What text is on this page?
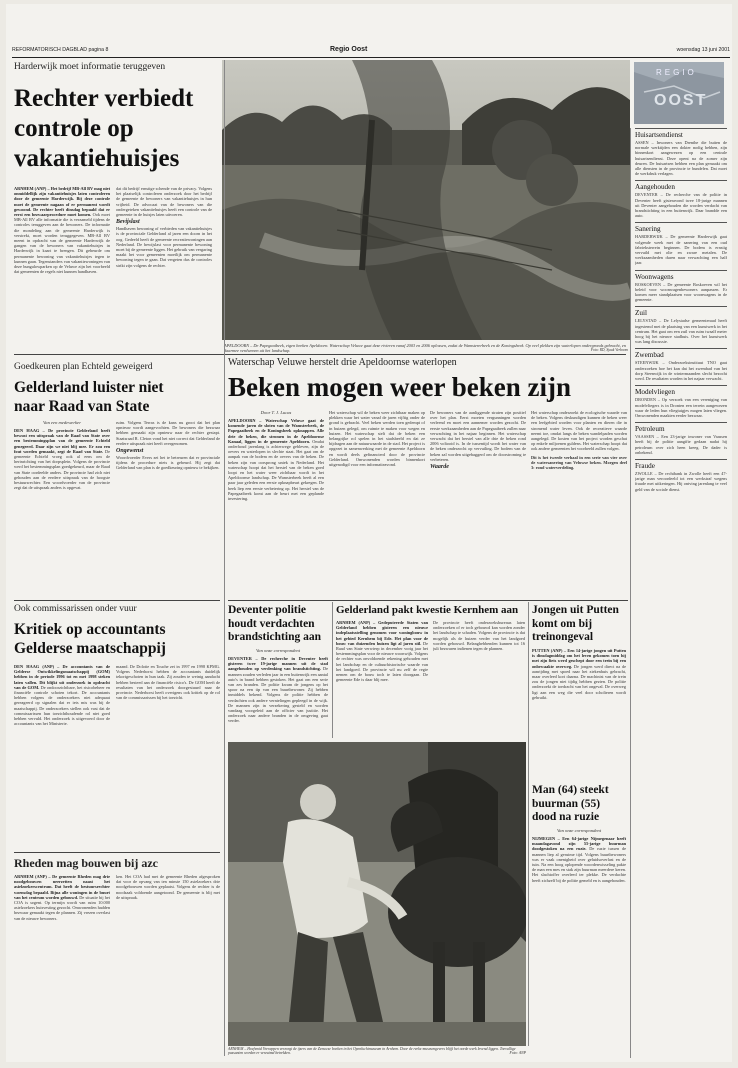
REFORMATORISCH DAGBLAD pagina 8	Regio Oost	woensdag 13 juni 2001
Harderwijk moet informatie teruggeven
Rechter verbiedt
controle op
vakantiehuisjes
ARNHEM (ANP) – Het bedrijf MB-All BV mag niet onmiddellijk zijn vakantiehuisjes laten controleren door de gemeente Harderwijk. Bij deze controle moet de gemeente nagaan of er permanent wordt gewoond. De rechter heeft dinsdag bepaald dat er eerst een bezwaarprocedure moet komen. Ook moet MB-All BV alle informatie die is verzameld tijdens de controles teruggeven aan de bewoners. De informatie die mondeling aan de gemeente Harderwijk is verstrekt, moet worden teruggegeven. MB-All BV meent in opdracht van de gemeente Harderwijk de gangen van de bewoners van vakantiehuisjes in Harderwijk in kaart te brengen. Dit gebeurde om permanente bewoning van vakantiehuisjes tegen te kunnen gaan. Tegenstanders van vakantiewoningen van deze bungalowparken op de Veluwe zijn het voorbeeld dat gemeenten de regels niet kunnen handhaven.
dat dit bedrijf ernstige schende van de privacy. Volgens het plaatselijk controleren onderzoek door het bedrijf de gemeente de bewoners van vakantiehuisjes in hun vrijheid. De advocaat van de bewoners van die ondergeteken vakantiehuisjes heeft een controle van de gemeente in de huisjes laten uitvoeren.
Bevijslast
Handhaven bewoning of verbieden van vakantiehuisjes is de provinciale Gelderland al jaren een doorn in het oog. Gedeeld heeft de gemeente recreatiewoningen aan Nederland. De bewijslast voor permanente bewoning moet bij de gemeente liggen. Het gebruik van vergaring maakt het voor gemeenten moeilijk om permanente bewoning tegen te gaan. Dat vergeten dus de controles strikt zijn volgens de rechter.
APELDOORN – De Papegaaibeek, eigen beeken Apeldoorn. Waterschap Veluwe gaat deze rivieren vanaf 2003 en 2006 oplossen, zodat de Wamstererbeek en de Koningsbeek. Op veel plekken zijn waterlopen ondergronds gebracht, en daarmee verdwenen uit het landschap.	Foto: RD, Sjaak Verboom
REGIO
OOST
Huisartsendienst
ASSEN – Inwoners van Drenthe die buiten de normale werktijden een dokter nodig hebben, zijn binnenkort aangewezen op een centrale huisartsendienst. Deze opent na de zomer zijn deuren. De huisartsen hebben een plan gemaakt om alle diensten in de provincie te bundelen. Dat moet de werkdruk verlagen.
Aangehouden
DEVENTER – De recherche van de politie in Deventer heeft gisteravond twee 18-jarige mannen uit Deventer aangehouden die worden verdacht van brandstichting in een buitenwijk. Daar brandde een auto.
Sanering
HARDERWIJK – De gemeente Harderwijk gaat volgende week met de sanering van een oud fabrieksterrein beginnen. De bodem is ernstig vervuild met olie en zware metalen. De werkzaamheden duren naar verwachting een half jaar.
Woonwagens
BOSKOEVEN – De gemeente Boskoeven wil het beleid voor woonwagenbewoners aanpassen. Er komen meer standplaatsen voor woonwagens in de gemeente.
Zuil
LELYSTAD – De Lelystadse gemeenteraad heeft ingestemd met de plaatsing van een kunstwerk in het centrum. Het gaat om een zuil van ruim twaalf meter hoog bij het nieuwe stadhuis. Over het kunstwerk was lang discussie.
Zwembad
STEENWIJK – Onderzoeksinstituut TNO gaat onderzoeken hoe het kan dat het zwembad van het dorp Steenwijk in de wintermaanden slecht bezocht werd. De resultaten worden in het najaar verwacht.
Modelvliegen
DRONDEN – Op verzoek van een vereniging van modelvliegers is in Dronten een terrein aangewezen waar de leden hun vliegtuigjes mogen laten vliegen. Omwonenden maakten eerder bezwaar.
Petroleum
VAASSEN – Een 23-jarige inwoner van Vaassen heeft bij de politie aangifte gedaan nadat hij petroleum over zich heen kreeg. De dader is onbekend.
Fraude
ZWOLLE – De rechtbank in Zwolle heeft een 47-jarige man veroordeeld tot een werkstraf wegens fraude met uitkeringen. Hij ontving jarenlang te veel geld van de sociale dienst.
Waterschap Veluwe herstelt drie Apeldoornse waterlopen
Beken mogen weer beken zijn
Door T. J. Lucas
APELDOORN – Waterschap Veluwe gaat de komende jaren de sloten van de Wamsterbeek, de Papegaaibeek en de Koningsbeek opknappen. Alle drie de beken, die stromen in de Apeldoornse Kanaal, liggen in de gemeente Apeldoorn. Omdat onderhoud jarenlang is achterwege gebleven, zijn de oevers en waterlopen in slechte staat. Het gaat om de aanpak van de bodem en de oevers van de beken. De beken zijn van oorsprong uniek in Nederland. Het waterschap hoopt dat het herstel van de beken goed loopt en het water weer zichtbaar wordt in het Apeldoornse landschap. De Wamsterbeek heeft al een paar jaar geleden een eerste opknapbeurt gekregen. De beek liep een eerste verbetering op. Het herstel van de Papegaaibeek komt aan de beurt met een geplande investering.
Het waterschap wil de beken weer zichtbaar maken op plekken waar het water vanaf de jaren vijftig onder de grond is gebracht. Veel beken werden toen gedempt of in buizen gelegd, om ruimte te maken voor wegen en huizen. Het waterschap stelt dat de beken een belangrijke rol spelen in het stadsbeeld en dat ze bijdragen aan de natuurwaarde in de stad. Het project is opgezet in samenwerking met de gemeente Apeldoorn en wordt deels gefinancierd door de provincie Gelderland. Omwonenden worden binnenkort uitgenodigd voor een informatieavond.
De bewoners van de aanliggende straten zijn positief over het plan. Eerst moeten vergunningen worden verleend en moet een aannemer worden gezocht. De eerste werkzaamheden aan de Papegaaibeek zullen naar verwachting in het najaar beginnen. Het waterschap verwacht dat het herstel van alle drie de beken rond 2006 voltooid is. In de tussentijd wordt het water van de beken onderzocht op vervuiling. De bodem van de beken zal worden uitgebaggerd om de doorstroming te verbeteren.
Waarde
Het waterschap onderzoekt de ecologische waarde van de beken. Volgens deskundigen kunnen de beken weer een leefgebied worden voor planten en dieren die in stromend water leven. Ook de recreatieve waarde neemt toe, omdat langs de beken wandelpaden worden aangelegd. De kosten van het project worden geschat op enkele miljoenen guldens. Het waterschap hoopt dat ook andere gemeenten het voorbeeld zullen volgen.
Dit is het tweede verhaal in een serie van vier over de watersanering van Veluwse beken. Morgen deel 3: rond waterverdeling.
Goedkeuren plan Echteld geweigerd
Gelderland luister niet
naar Raad van State
Van een medewerker
DEN HAAG – De provincie Gelderland heeft bewust een uitspraak van de Raad van State over een bestemmingsplan van de gemeente Echteld genegeerd. Daar zijn we niet blij mee. Er zou een fout worden gemaakt, zegt de Raad van State. De gemeente Echteld vroeg ook al eens om de herinrichting van het dorpsplein. Volgens de provincie werd het bestemmingsplan goedgekeurd, maar de Raad van State oordeelde anders. De provincie had zich niet gehouden aan de eerdere uitspraak van de hoogste bestuursrechter. Een woordvoerder van de provincie zegt dat de uitspraak anders is opgevat.
ruim. Volgens Terras is de kans nu groot dat het plan opnieuw wordt aangevochten. De bewoners die bezwaar hebben gemaakt zijn opnieuw naar de rechter gestapt. Staatsraad R. Cleton vond het niet correct dat Gelderland de eerdere uitspraak niet heeft overgenomen.
Ongewenst
Woordvoerder Evers zei het te betreuren dat er provinciale tijdens de procedure niets is gebeurd. Hij zegt dat Gelderland van plan is de goedkeuring opnieuw te bekijken.
Ook commissarissen onder vuur
Kritiek op accountants
Gelderse maatschappij
DEN HAAG (ANP) – De accountants van de Gelderse Ontwikkelingsmaatschappij (GOM) hebben in de periode 1996 tot en met 1998 steken laten vallen. Dit blijkt uit onderzoek in opdracht van de GOM. De ondoorzichtbare, het risicobeheer en financiële controle schoten tekort. De accountants hebben volgens de onderzoekers niet adequaat gereageerd op signalen dat er iets mis was bij de maatschappij. De onderzoekers stellen ook vast dat de commissarissen hun toezichthoudende rol niet goed hebben vervuld. Het onderzoek is uitgevoerd door de accountants van het Ministerie.
maand. De Dolotie en Touche zei in 1997 en 1998 KPMG. Volgens Nederhorst hebben de accountants duidelijk tekortgeschoten in hun taak. Zij zouden te weinig aandacht hebben besteed aan de financiële risico's. De GOM heeft de resultaten van het onderzoek doorgestuurd naar de provincie. Nederhorst heeft overigens ook kritiek op de rol van de commissarissen bij het toezicht.
Rheden mag bouwen bij azc
ARNHEM (ANP) – De gemeente Rheden mag drie noodgebouwen neerzetten naast het asielzoekerscentrum. Dat heeft de bestuursrechter woensdag bepaald. Bijna alle woningen in de buurt van het centrum worden gebouwd. De situatie bij het COA is urgent. Op termijn wordt van ruim 10.000 asielzoekers huisvesting gezocht. Omwonenden hadden bezwaar gemaakt tegen de plannen. Zij vrezen overlast van de nieuwe bewoners.
ken. Het COA had met de gemeente Rheden afgesproken dat voor de opvang van ten minste 150 asielzoekers drie noodgebouwen worden geplaatst. Volgens de rechter is de noodzaak voldoende aangetoond. De gemeente is blij met de uitspraak.
Deventer politie
houdt verdachten
brandstichting aan
Van onze correspondent
DEVENTER – De recherche in Deventer heeft gisteren twee 19-jarige mannen uit de stad aangehouden op verdenking van brandstichting. De mannen zouden verleden jaar in een buitenwijk een aantal auto's in brand hebben gestoken. Het gaat om een serie van zes branden. De politie kwam de jongens op het spoor na een tip van een buurtbewoner. Zij hebben inmiddels bekend. Volgens de politie hebben de verdachten ook andere vernielingen gepleegd in de wijk. De mannen zijn in verzekering gesteld en worden vandaag voorgeleid aan de officier van justitie. Het onderzoek naar andere branden in de omgeving gaat verder.
Gelderland pakt kwestie Kernhem aan
ARNHEM (ANP) – Gedeputeerde Staten van Gelderland hebben gisteren een nieuwe indeplaatsstelling genomen voor woningbouw in het gebied Kernhem bij Ede. Het plan voor de bouw van duizenden huizen ligt al jaren stil. De Raad van State verwierp in december vorig jaar het bestemmingsplan voor de nieuwe woonwijk. Volgens de rechter was onvoldoende rekening gehouden met het landschap en de cultuurhistorische waarde van het landgoed. De provincie wil nu zelf de regie nemen om de bouw toch te laten doorgaan. De gemeente Ede is daar blij mee.
De provincie heeft onderzoeksbureaus laten onderzoeken of er toch gebouwd kan worden zonder het landschap te schaden. Volgens de provincie is dat mogelijk als de huizen verder van het landgoed worden gebouwd. Belanghebbenden kunnen tot 16 juli bezwaren indienen tegen de plannen.
ARNHEM – Hoefsmid Veerappen verzorgt de ijzers van de Zeeuwse boeken in het Openluchtmuseum in Arnhem. Door de reeks-museumgevers blijft het oorde werk levend liggen. Toevallige passanten worden er verzuimd betrekken.	Foto: ANP
Jongen uit Putten
komt om bij
treinongeval
PUTTEN (ANP) – Een 14-jarige jongen uit Putten is dinsdagmiddag om het leven gekomen toen hij met zijn fiets werd geschept door een trein bij een onbewaakte overweg. De jongen werd direct na de aanrijding met spoed naar het ziekenhuis gebracht, maar overleed kort daarna. De machinist van de trein zou de jongen niet tijdig hebben gezien. De politie onderzoekt de toedracht van het ongeval. De overweg ligt aan een weg die veel door scholieren wordt gebruikt.
Man (64) steekt
buurman (55)
dood na ruzie
Van onze correspondent
NIJMEGEN – Een 64-jarige Nijmegenaar heeft maandagavond zijn 55-jarige buurman doodgestoken na een ruzie. De ruzie tussen de mannen liep al geruime tijd. Volgens buurtbewoners was er vaak onenigheid over geluidsoverlast en de tuin. Na een hoog oplopende woordenwisseling pakte de man een mes en stak zijn buurman meerdere keren. Het slachtoffer overleed ter plekke. De verdachte heeft zichzelf bij de politie gemeld en is aangehouden.
